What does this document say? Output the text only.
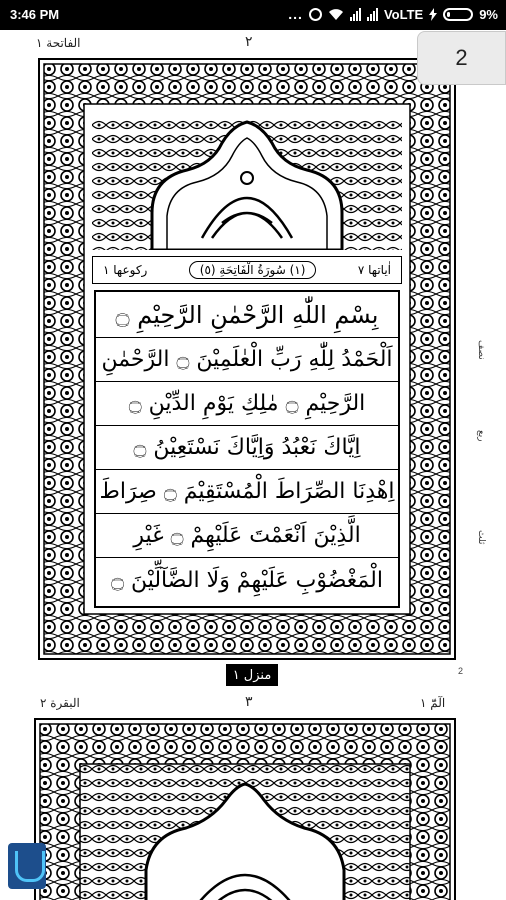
3:46 PM	...	VoLTE	9%
2
الفاتحة ١	٢
اٰیاتھا ٧
(١) سُورَةُ الْفَاتِحَةِ (٥)
رکوعھا ١
بِسْمِ اللّٰهِ الرَّحْمٰنِ الرَّحِیْمِ ۝
اَلْحَمْدُ لِلّٰهِ رَبِّ الْعٰلَمِیْنَ ۝ الرَّحْمٰنِ
الرَّحِیْمِ ۝ مٰلِكِ یَوْمِ الدِّیْنِ ۝
اِیَّاكَ نَعْبُدُ وَاِیَّاكَ نَسْتَعِیْنُ ۝
اِهْدِنَا الصِّرَاطَ الْمُسْتَقِیْمَ ۝ صِرَاطَ
الَّذِیْنَ اَنْعَمْتَ عَلَیْهِمْ ۝ غَیْرِ
الْمَغْضُوْبِ عَلَیْهِمْ وَلَا الضَّآلِّیْنَ ۝
نصف
ربع
ثلث
منزل ١	2
البقرة ٢	٣	الٓمّٓ ١
